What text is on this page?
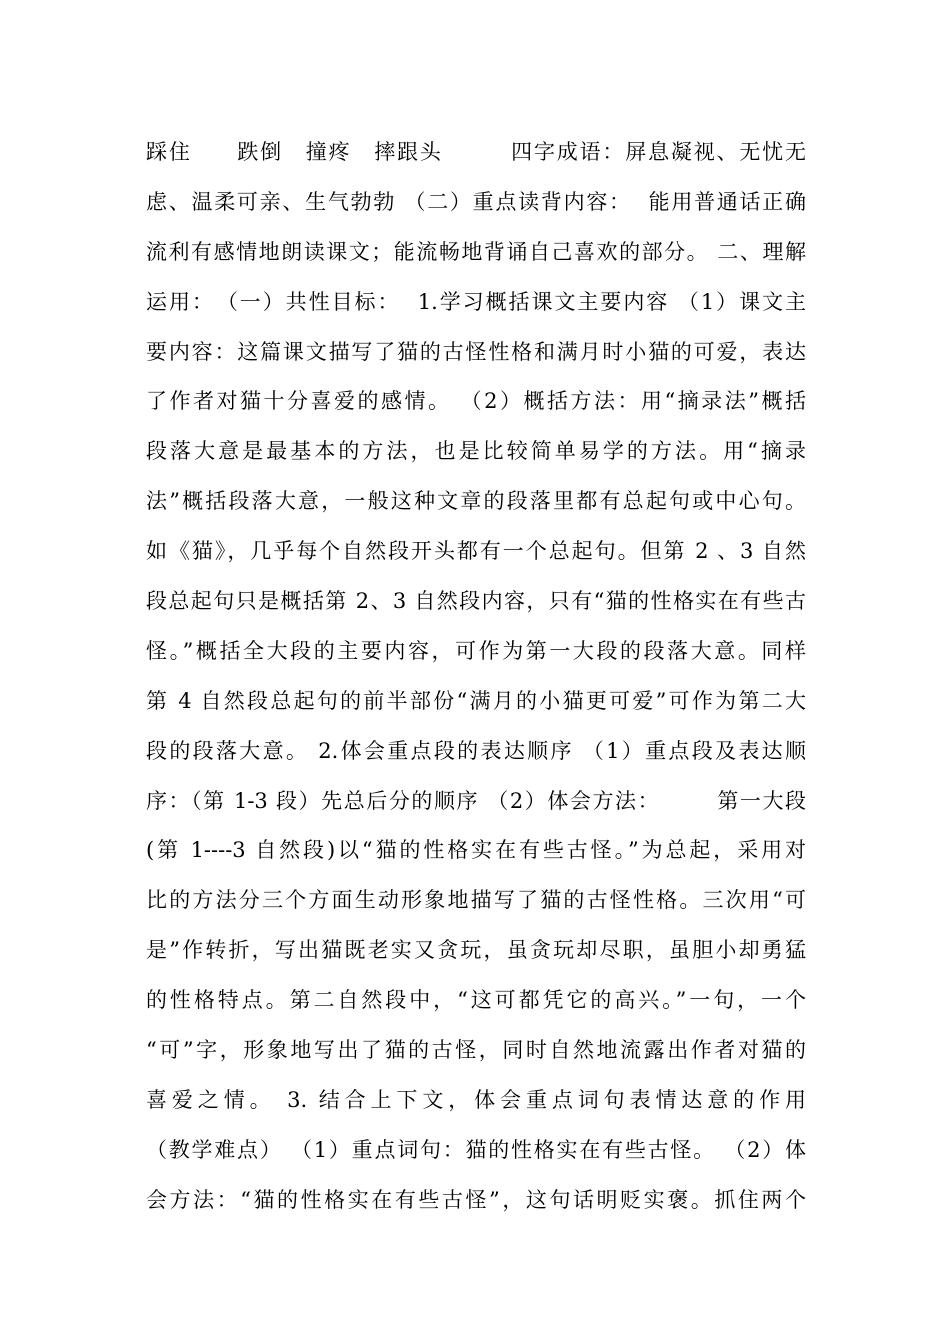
踩住　　跌倒　撞疼　摔跟头　　　四字成语：屏息凝视、无忧无
虑、温柔可亲、生气勃勃 （二）重点读背内容：  能用普通话正确
流利有感情地朗读课文；能流畅地背诵自己喜欢的部分。 二、理解
运用：　（一）共性目标：  1.学习概括课文主要内容 （1）课文主
要内容：这篇课文描写了猫的古怪性格和满月时小猫的可爱，表达
了作者对猫十分喜爱的感情。 （2）概括方法：用“摘录法”概括
段落大意是最基本的方法，也是比较简单易学的方法。用“摘录
法”概括段落大意，一般这种文章的段落里都有总起句或中心句。
如《猫》，几乎每个自然段开头都有一个总起句。但第 2 、3 自然
段总起句只是概括第 2、3 自然段内容，只有“猫的性格实在有些古
怪。”概括全大段的主要内容，可作为第一大段的段落大意。同样
第 4 自然段总起句的前半部份“满月的小猫更可爱”可作为第二大
段的段落大意。 2.体会重点段的表达顺序 （1）重点段及表达顺
序：（第 1-3 段）先总后分的顺序 （2）体会方法：　　　第一大段
(第 1----3 自然段)以“猫的性格实在有些古怪。”为总起，采用对
比的方法分三个方面生动形象地描写了猫的古怪性格。三次用“可
是”作转折，写出猫既老实又贪玩，虽贪玩却尽职，虽胆小却勇猛
的性格特点。第二自然段中，“这可都凭它的高兴。”一句，一个
“可”字，形象地写出了猫的古怪，同时自然地流露出作者对猫的
喜爱之情。 3. 结合上下文，体会重点词句表情达意的作用
（教学难点） （1）重点词句：猫的性格实在有些古怪。 （2）体
会方法：“猫的性格实在有些古怪”，这句话明贬实褒。抓住两个
